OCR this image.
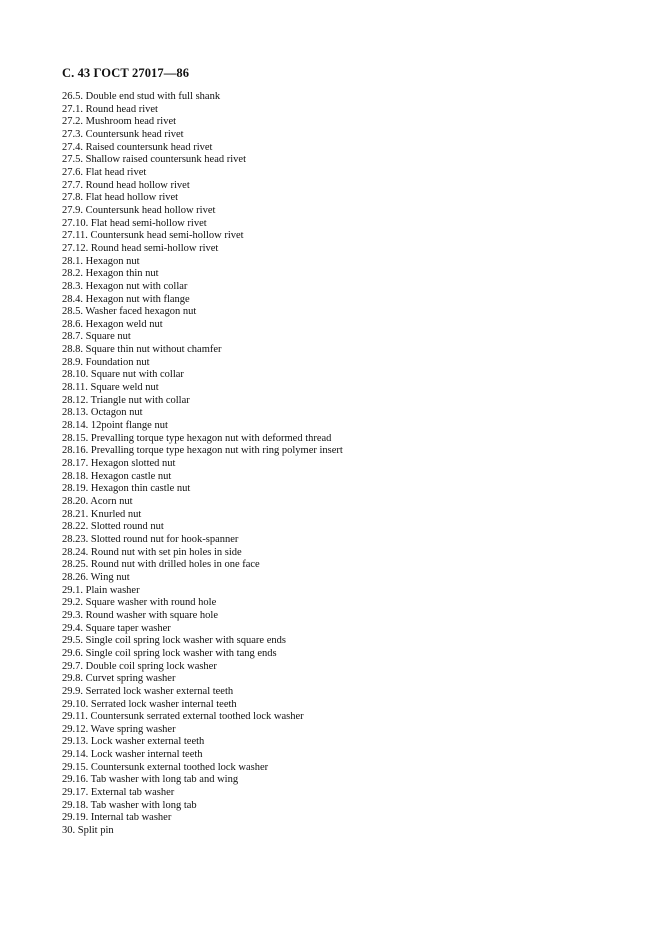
С. 43 ГОСТ 27017—86
26.5. Double end stud with full shank
27.1. Round head rivet
27.2. Mushroom head rivet
27.3. Countersunk head rivet
27.4. Raised countersunk head rivet
27.5. Shallow raised countersunk head rivet
27.6. Flat head rivet
27.7. Round head hollow rivet
27.8. Flat head hollow rivet
27.9. Countersunk head hollow rivet
27.10. Flat head semi-hollow rivet
27.11. Countersunk head semi-hollow rivet
27.12. Round head semi-hollow rivet
28.1. Hexagon nut
28.2. Hexagon thin nut
28.3. Hexagon nut with collar
28.4. Hexagon nut with flange
28.5. Washer faced hexagon nut
28.6. Hexagon weld nut
28.7. Square nut
28.8. Square thin nut without chamfer
28.9. Foundation nut
28.10. Square nut with collar
28.11. Square weld nut
28.12. Triangle nut with collar
28.13. Octagon nut
28.14. 12point flange nut
28.15. Prevalling torque type hexagon nut with deformed thread
28.16. Prevalling torque type hexagon nut with ring polymer insert
28.17. Hexagon slotted nut
28.18. Hexagon castle nut
28.19. Hexagon thin castle nut
28.20. Acorn nut
28.21. Knurled nut
28.22. Slotted round nut
28.23. Slotted round nut for hook-spanner
28.24. Round nut with set pin holes in side
28.25. Round nut with drilled holes in one face
28.26. Wing nut
29.1. Plain washer
29.2. Square washer with round hole
29.3. Round washer with square hole
29.4. Square taper washer
29.5. Single coil spring lock washer with square ends
29.6. Single coil spring lock washer with tang ends
29.7. Double coil spring lock washer
29.8. Curvet spring washer
29.9. Serrated lock washer external teeth
29.10. Serrated lock washer internal teeth
29.11. Countersunk serrated external toothed lock washer
29.12. Wave spring washer
29.13. Lock washer external teeth
29.14. Lock washer internal teeth
29.15. Countersunk external toothed lock washer
29.16. Tab washer with long tab and wing
29.17. External tab washer
29.18. Tab washer with long tab
29.19. Internal tab washer
30. Split pin
